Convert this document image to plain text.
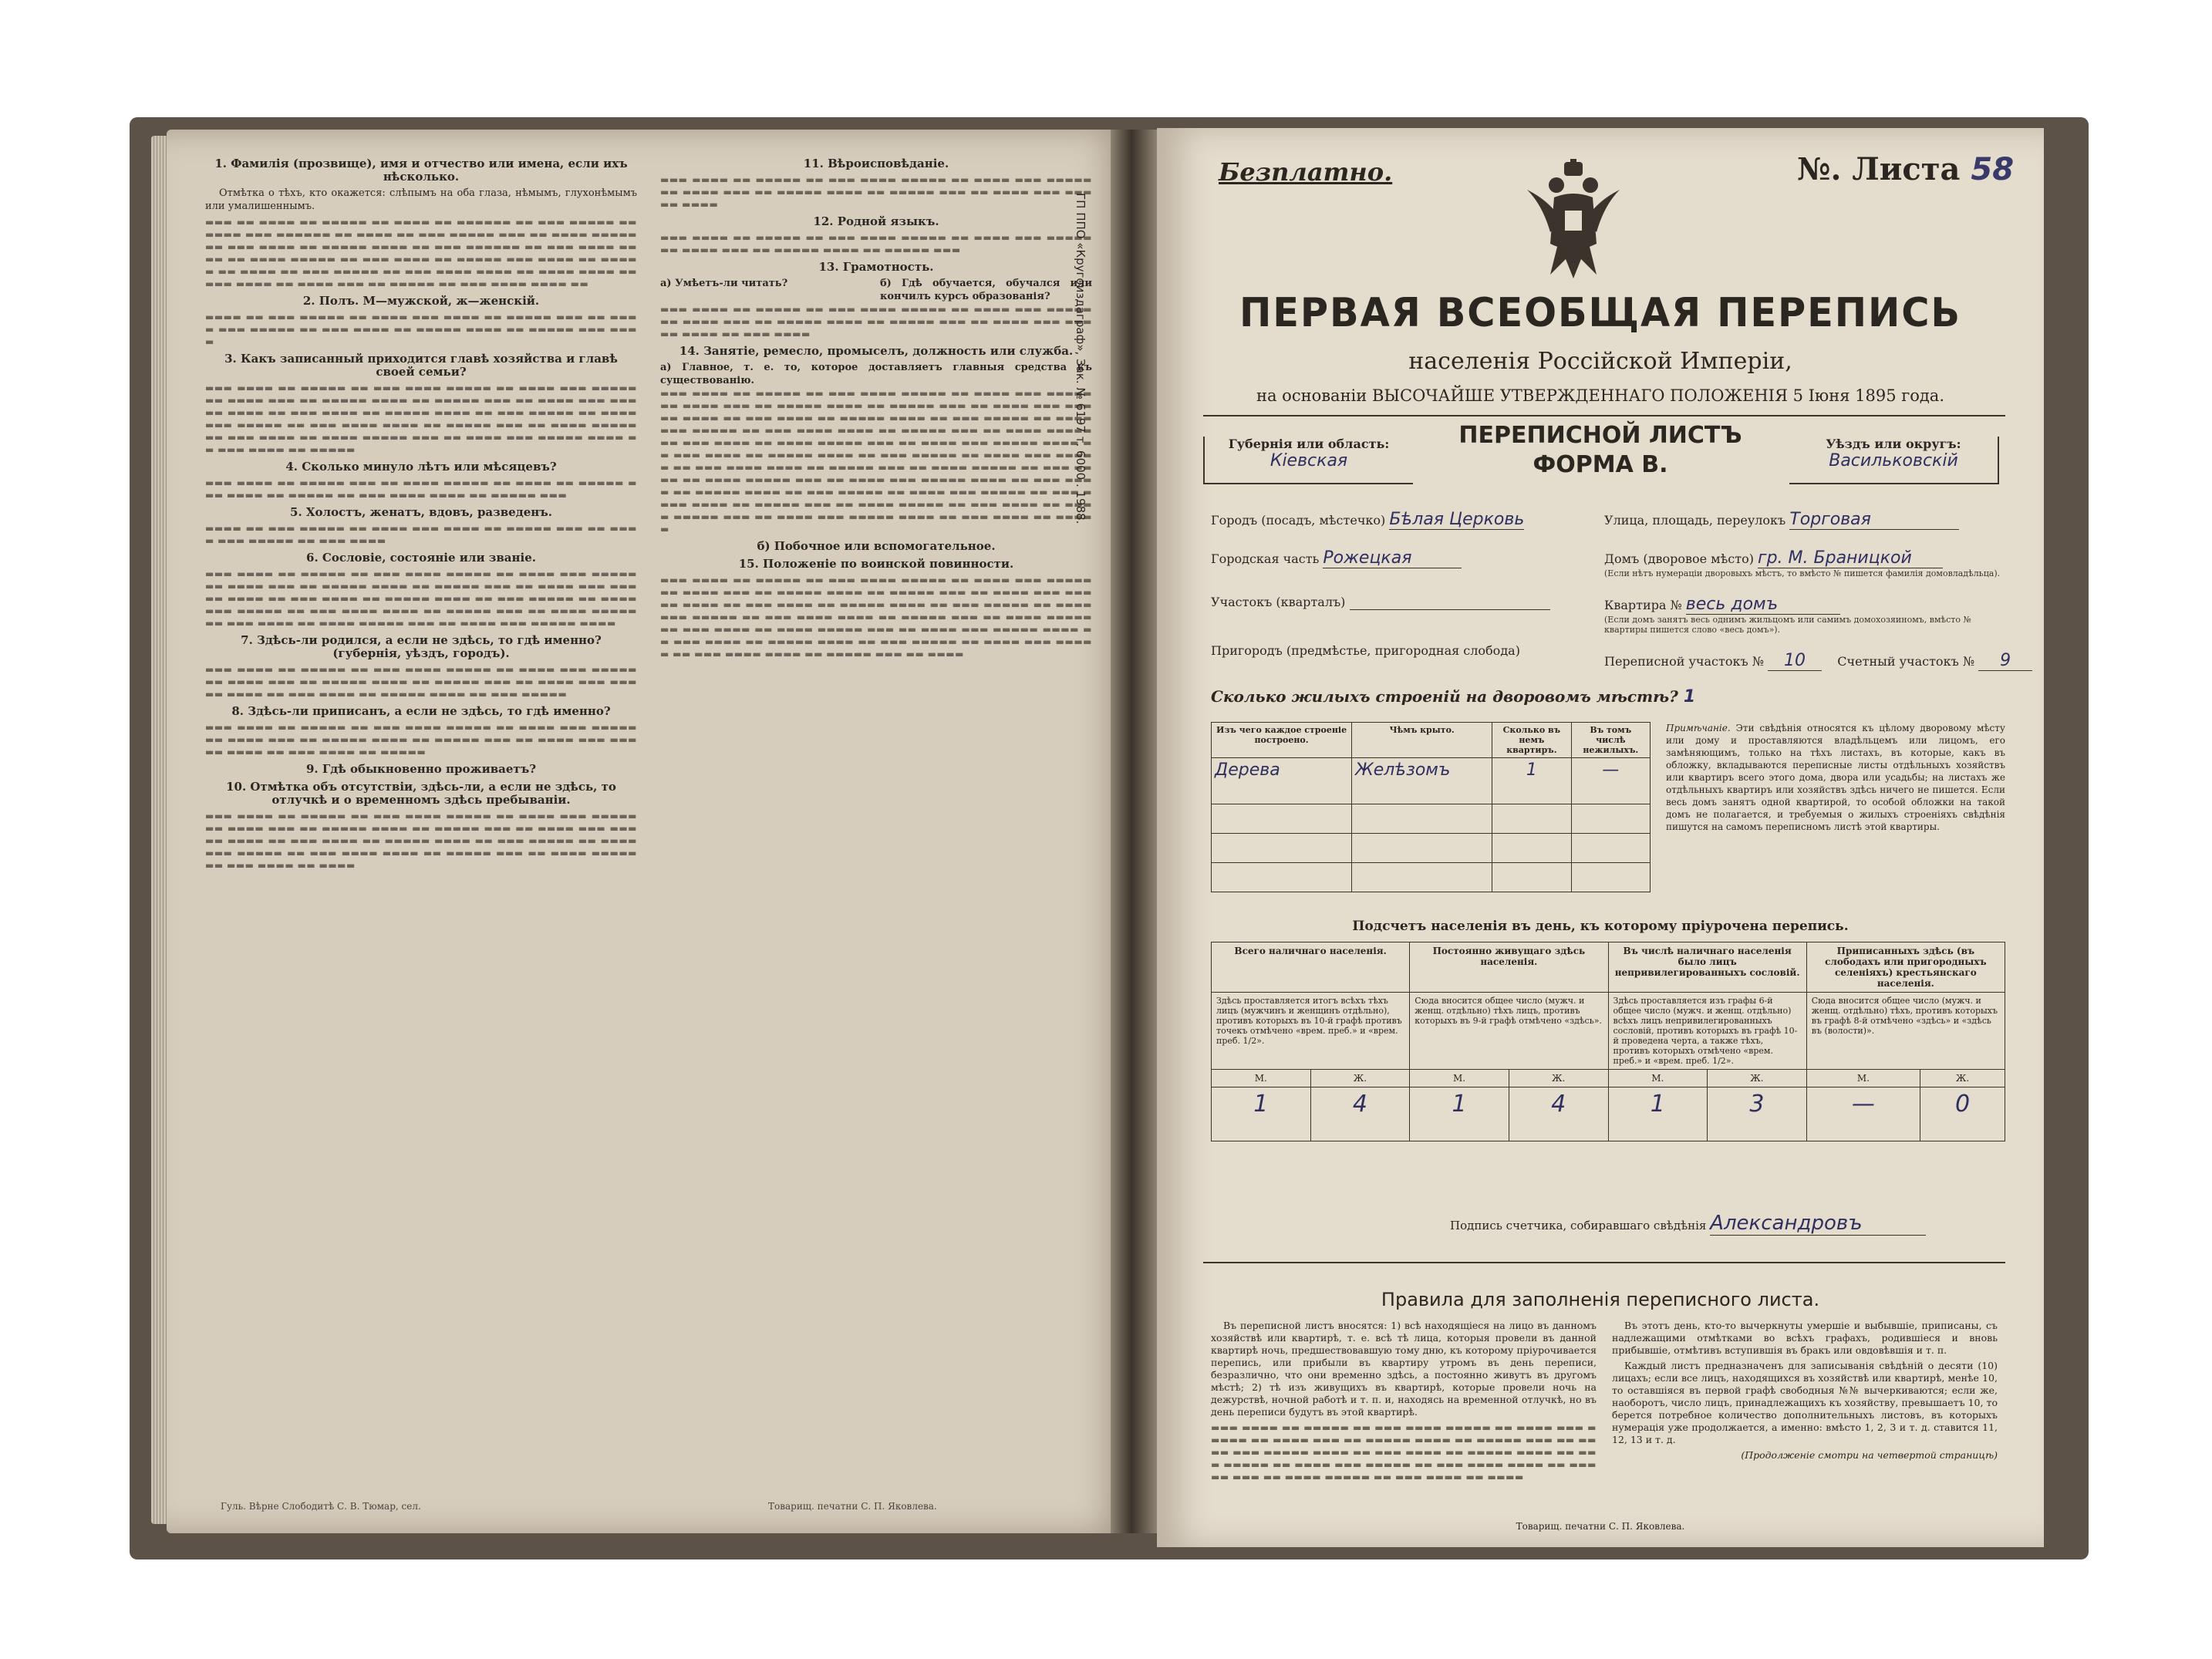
1. Фамилія (прозвище), имя и отчество или имена, если ихъ нѣсколько.

Отмѣтка о тѣхъ, кто окажется: слѣпымъ на оба глаза, нѣмымъ, глухонѣмымъ или умалишеннымъ.

▬▬▬ ▬▬ ▬▬▬▬ ▬▬ ▬▬▬▬▬ ▬▬ ▬▬▬▬ ▬▬ ▬▬▬▬▬▬ ▬▬ ▬▬▬ ▬▬▬▬▬ ▬▬ ▬▬▬▬ ▬▬▬ ▬▬▬▬▬▬ ▬▬ ▬▬▬▬ ▬▬ ▬▬▬ ▬▬▬▬▬ ▬▬▬ ▬▬ ▬▬▬▬ ▬▬▬▬▬ ▬▬ ▬▬▬ ▬▬▬▬ ▬▬ ▬▬▬▬▬ ▬▬▬▬ ▬▬ ▬▬▬ ▬▬▬▬▬▬ ▬▬ ▬▬▬ ▬▬▬▬ ▬▬▬▬ ▬▬ ▬▬▬▬ ▬▬▬▬▬ ▬▬ ▬▬▬ ▬▬▬▬ ▬▬ ▬▬▬▬▬ ▬▬▬ ▬▬▬▬ ▬▬ ▬▬▬▬▬ ▬▬ ▬▬▬▬ ▬▬ ▬▬▬ ▬▬▬▬▬ ▬▬ ▬▬▬ ▬▬▬▬ ▬▬▬▬ ▬▬ ▬▬▬▬ ▬▬▬▬ ▬▬ ▬▬▬ ▬▬▬▬ ▬▬ ▬▬▬▬ ▬▬▬ ▬▬ ▬▬▬▬▬ ▬▬ ▬▬▬ ▬▬▬▬ ▬▬▬▬ ▬▬
2. Полъ. М—мужской, ж—женскій.
▬▬▬▬ ▬▬ ▬▬▬ ▬▬▬▬▬ ▬▬ ▬▬▬▬ ▬▬▬ ▬▬▬▬ ▬▬ ▬▬▬▬▬ ▬▬▬ ▬▬ ▬▬▬▬ ▬▬▬ ▬▬▬▬▬ ▬▬ ▬▬▬ ▬▬▬▬ ▬▬ ▬▬▬▬▬ ▬▬▬▬ ▬▬ ▬▬▬▬▬ ▬▬▬ ▬▬▬▬
3. Какъ записанный приходится главѣ хозяйства и главѣ своей семьи?
▬▬▬ ▬▬▬▬ ▬▬ ▬▬▬▬▬ ▬▬ ▬▬▬ ▬▬▬▬ ▬▬▬▬▬ ▬▬ ▬▬▬▬ ▬▬▬ ▬▬▬▬▬ ▬▬ ▬▬▬▬ ▬▬▬ ▬▬ ▬▬▬▬▬ ▬▬▬▬ ▬▬ ▬▬▬▬▬ ▬▬▬ ▬▬ ▬▬▬▬ ▬▬▬ ▬▬▬▬▬ ▬▬▬▬ ▬▬ ▬▬▬ ▬▬▬▬ ▬▬ ▬▬▬▬▬ ▬▬▬▬ ▬▬ ▬▬▬ ▬▬▬▬▬ ▬▬ ▬▬▬▬ ▬▬▬ ▬▬▬▬▬ ▬▬ ▬▬▬ ▬▬▬▬ ▬▬▬▬ ▬▬ ▬▬▬▬▬ ▬▬▬ ▬▬ ▬▬▬▬ ▬▬▬▬▬ ▬▬ ▬▬▬ ▬▬▬▬ ▬▬ ▬▬▬▬ ▬▬▬▬▬ ▬▬▬ ▬▬ ▬▬▬▬ ▬▬▬ ▬▬▬▬▬ ▬▬▬▬ ▬▬ ▬▬▬ ▬▬▬▬ ▬▬ ▬▬▬▬▬
4. Сколько минуло лѣтъ или мѣсяцевъ?
▬▬▬ ▬▬▬▬ ▬▬ ▬▬▬▬▬ ▬▬▬ ▬▬ ▬▬▬▬ ▬▬▬▬▬ ▬▬ ▬▬▬▬ ▬▬ ▬▬▬▬▬ ▬▬▬ ▬▬▬▬ ▬▬ ▬▬▬▬▬ ▬▬ ▬▬▬ ▬▬▬▬ ▬▬▬▬ ▬▬ ▬▬▬▬▬ ▬▬▬
5. Холостъ, женатъ, вдовъ, разведенъ.
▬▬▬▬ ▬▬ ▬▬▬ ▬▬▬▬▬ ▬▬ ▬▬▬▬ ▬▬▬ ▬▬▬▬ ▬▬ ▬▬▬▬▬ ▬▬▬ ▬▬ ▬▬▬▬ ▬▬▬ ▬▬▬▬▬ ▬▬ ▬▬▬ ▬▬▬▬
6. Сословіе, состояніе или званіе.
▬▬▬ ▬▬▬▬ ▬▬ ▬▬▬▬▬ ▬▬ ▬▬▬ ▬▬▬▬ ▬▬▬▬▬ ▬▬ ▬▬▬▬ ▬▬▬ ▬▬▬▬▬ ▬▬ ▬▬▬▬ ▬▬▬ ▬▬ ▬▬▬▬▬ ▬▬▬▬ ▬▬ ▬▬▬▬▬ ▬▬▬ ▬▬ ▬▬▬▬ ▬▬▬ ▬▬▬▬▬ ▬▬▬▬ ▬▬ ▬▬▬ ▬▬▬▬ ▬▬ ▬▬▬▬▬ ▬▬▬▬ ▬▬ ▬▬▬ ▬▬▬▬▬ ▬▬ ▬▬▬▬ ▬▬▬ ▬▬▬▬▬ ▬▬ ▬▬▬ ▬▬▬▬ ▬▬▬▬ ▬▬ ▬▬▬▬▬ ▬▬▬ ▬▬ ▬▬▬▬ ▬▬▬▬▬ ▬▬ ▬▬▬ ▬▬▬▬ ▬▬ ▬▬▬▬ ▬▬▬▬▬ ▬▬▬ ▬▬ ▬▬▬▬ ▬▬▬ ▬▬▬▬▬ ▬▬▬▬
7. Здѣсь-ли родился, а если не здѣсь, то гдѣ именно? (губернія, уѣздъ, городъ).
▬▬▬ ▬▬▬▬ ▬▬ ▬▬▬▬▬ ▬▬ ▬▬▬ ▬▬▬▬ ▬▬▬▬▬ ▬▬ ▬▬▬▬ ▬▬▬ ▬▬▬▬▬ ▬▬ ▬▬▬▬ ▬▬▬ ▬▬ ▬▬▬▬▬ ▬▬▬▬ ▬▬ ▬▬▬▬▬ ▬▬▬ ▬▬ ▬▬▬▬ ▬▬▬ ▬▬▬▬▬ ▬▬▬▬ ▬▬ ▬▬▬ ▬▬▬▬ ▬▬ ▬▬▬▬▬ ▬▬▬▬ ▬▬ ▬▬▬ ▬▬▬▬▬
8. Здѣсь-ли приписанъ, а если не здѣсь, то гдѣ именно?
▬▬▬ ▬▬▬▬ ▬▬ ▬▬▬▬▬ ▬▬ ▬▬▬ ▬▬▬▬ ▬▬▬▬▬ ▬▬ ▬▬▬▬ ▬▬▬ ▬▬▬▬▬ ▬▬ ▬▬▬▬ ▬▬▬ ▬▬ ▬▬▬▬▬ ▬▬▬▬ ▬▬ ▬▬▬▬▬ ▬▬▬ ▬▬ ▬▬▬▬ ▬▬▬ ▬▬▬▬▬ ▬▬▬▬ ▬▬ ▬▬▬ ▬▬▬▬ ▬▬ ▬▬▬▬▬
9. Гдѣ обыкновенно проживаетъ?
10. Отмѣтка объ отсутствіи, здѣсь-ли, а если не здѣсь, то отлучкѣ и о временномъ здѣсь пребываніи.
▬▬▬ ▬▬▬▬ ▬▬ ▬▬▬▬▬ ▬▬ ▬▬▬ ▬▬▬▬ ▬▬▬▬▬ ▬▬ ▬▬▬▬ ▬▬▬ ▬▬▬▬▬ ▬▬ ▬▬▬▬ ▬▬▬ ▬▬ ▬▬▬▬▬ ▬▬▬▬ ▬▬ ▬▬▬▬▬ ▬▬▬ ▬▬ ▬▬▬▬ ▬▬▬ ▬▬▬▬▬ ▬▬▬▬ ▬▬ ▬▬▬ ▬▬▬▬ ▬▬ ▬▬▬▬▬ ▬▬▬▬ ▬▬ ▬▬▬ ▬▬▬▬▬ ▬▬ ▬▬▬▬ ▬▬▬ ▬▬▬▬▬ ▬▬ ▬▬▬ ▬▬▬▬ ▬▬▬▬ ▬▬ ▬▬▬▬▬ ▬▬▬ ▬▬ ▬▬▬▬ ▬▬▬▬▬ ▬▬ ▬▬▬ ▬▬▬▬ ▬▬ ▬▬▬▬
Гуль. Вѣрне Слободитѣ С. В. Тюмар, сел.
11. Вѣроисповѣданіе.
▬▬▬ ▬▬▬▬ ▬▬ ▬▬▬▬▬ ▬▬ ▬▬▬ ▬▬▬▬ ▬▬▬▬▬ ▬▬ ▬▬▬▬ ▬▬▬ ▬▬▬▬▬ ▬▬ ▬▬▬▬ ▬▬▬ ▬▬ ▬▬▬▬▬ ▬▬▬▬ ▬▬ ▬▬▬▬▬ ▬▬▬ ▬▬ ▬▬▬▬ ▬▬▬ ▬▬▬▬▬ ▬▬▬▬
12. Родной языкъ.
▬▬▬ ▬▬▬▬ ▬▬ ▬▬▬▬▬ ▬▬ ▬▬▬ ▬▬▬▬ ▬▬▬▬▬ ▬▬ ▬▬▬▬ ▬▬▬ ▬▬▬▬▬ ▬▬ ▬▬▬▬ ▬▬▬ ▬▬ ▬▬▬▬▬ ▬▬▬▬ ▬▬ ▬▬▬▬▬ ▬▬▬
13. Грамотность.
а) Умѣетъ-ли читать?	б) Гдѣ обучается, обучался или кончилъ курсъ образованія?
▬▬▬ ▬▬▬▬ ▬▬ ▬▬▬▬▬ ▬▬ ▬▬▬ ▬▬▬▬ ▬▬▬▬▬ ▬▬ ▬▬▬▬ ▬▬▬ ▬▬▬▬▬ ▬▬ ▬▬▬▬ ▬▬▬ ▬▬ ▬▬▬▬▬ ▬▬▬▬ ▬▬ ▬▬▬▬▬ ▬▬▬ ▬▬ ▬▬▬▬ ▬▬▬ ▬▬▬▬▬ ▬▬▬▬ ▬▬ ▬▬▬ ▬▬▬▬
14. Занятіе, ремесло, промыселъ, должность или служба.
а) Главное, т. е. то, которое доставляетъ главныя средства къ существованію.
▬▬▬ ▬▬▬▬ ▬▬ ▬▬▬▬▬ ▬▬ ▬▬▬ ▬▬▬▬ ▬▬▬▬▬ ▬▬ ▬▬▬▬ ▬▬▬ ▬▬▬▬▬ ▬▬ ▬▬▬▬ ▬▬▬ ▬▬ ▬▬▬▬▬ ▬▬▬▬ ▬▬ ▬▬▬▬▬ ▬▬▬ ▬▬ ▬▬▬▬ ▬▬▬ ▬▬▬▬▬ ▬▬▬▬ ▬▬ ▬▬▬ ▬▬▬▬ ▬▬ ▬▬▬▬▬ ▬▬▬▬ ▬▬ ▬▬▬ ▬▬▬▬▬ ▬▬ ▬▬▬▬ ▬▬▬ ▬▬▬▬▬ ▬▬ ▬▬▬ ▬▬▬▬ ▬▬▬▬ ▬▬ ▬▬▬▬▬ ▬▬▬ ▬▬ ▬▬▬▬ ▬▬▬▬▬ ▬▬ ▬▬▬ ▬▬▬▬ ▬▬ ▬▬▬▬ ▬▬▬▬▬ ▬▬▬ ▬▬ ▬▬▬▬ ▬▬▬ ▬▬▬▬▬ ▬▬▬▬ ▬▬ ▬▬▬ ▬▬▬▬ ▬▬ ▬▬▬▬▬ ▬▬▬▬ ▬▬ ▬▬▬ ▬▬▬▬▬ ▬▬ ▬▬▬▬ ▬▬▬ ▬▬▬▬▬ ▬▬ ▬▬▬ ▬▬▬▬ ▬▬▬▬ ▬▬ ▬▬▬▬▬ ▬▬▬ ▬▬ ▬▬▬▬ ▬▬▬▬▬ ▬▬ ▬▬▬ ▬▬▬▬ ▬▬ ▬▬▬▬ ▬▬▬▬▬ ▬▬▬ ▬▬ ▬▬▬▬ ▬▬▬ ▬▬▬▬▬ ▬▬▬▬ ▬▬ ▬▬▬ ▬▬▬▬ ▬▬ ▬▬▬▬▬ ▬▬▬▬ ▬▬ ▬▬▬ ▬▬▬▬▬ ▬▬ ▬▬▬▬ ▬▬▬ ▬▬▬▬▬ ▬▬ ▬▬▬ ▬▬▬▬ ▬▬▬▬ ▬▬ ▬▬▬▬▬ ▬▬▬ ▬▬ ▬▬▬▬ ▬▬▬▬▬ ▬▬ ▬▬▬ ▬▬▬▬ ▬▬ ▬▬▬▬ ▬▬▬▬▬ ▬▬▬ ▬▬ ▬▬▬▬ ▬▬▬ ▬▬▬▬▬ ▬▬▬▬ ▬▬ ▬▬▬ ▬▬▬▬ ▬▬ ▬▬▬▬▬
б) Побочное или вспомогательное.
15. Положеніе по воинской повинности.
▬▬▬ ▬▬▬▬ ▬▬ ▬▬▬▬▬ ▬▬ ▬▬▬ ▬▬▬▬ ▬▬▬▬▬ ▬▬ ▬▬▬▬ ▬▬▬ ▬▬▬▬▬ ▬▬ ▬▬▬▬ ▬▬▬ ▬▬ ▬▬▬▬▬ ▬▬▬▬ ▬▬ ▬▬▬▬▬ ▬▬▬ ▬▬ ▬▬▬▬ ▬▬▬ ▬▬▬▬▬ ▬▬▬▬ ▬▬ ▬▬▬ ▬▬▬▬ ▬▬ ▬▬▬▬▬ ▬▬▬▬ ▬▬ ▬▬▬ ▬▬▬▬▬ ▬▬ ▬▬▬▬ ▬▬▬ ▬▬▬▬▬ ▬▬ ▬▬▬ ▬▬▬▬ ▬▬▬▬ ▬▬ ▬▬▬▬▬ ▬▬▬ ▬▬ ▬▬▬▬ ▬▬▬▬▬ ▬▬ ▬▬▬ ▬▬▬▬ ▬▬ ▬▬▬▬ ▬▬▬▬▬ ▬▬▬ ▬▬ ▬▬▬▬ ▬▬▬ ▬▬▬▬▬ ▬▬▬▬ ▬▬ ▬▬▬ ▬▬▬▬ ▬▬ ▬▬▬▬▬ ▬▬▬▬ ▬▬ ▬▬▬ ▬▬▬▬▬ ▬▬ ▬▬▬▬ ▬▬▬ ▬▬▬▬▬ ▬▬ ▬▬▬ ▬▬▬▬ ▬▬▬▬ ▬▬ ▬▬▬▬▬ ▬▬▬ ▬▬ ▬▬▬▬
Товарищ. печатни С. П. Яковлева.
ГП ППО «Кругоиздаграф», Зак. № 6197 т. 6000 . 1988.
Безплатно.	№. Листа 58
ПЕРВАЯ ВСЕОБЩАЯ ПЕРЕПИСЬ
населенія Россійской Имперіи,
на основаніи ВЫСОЧАЙШЕ УТВЕРЖДЕННАГО ПОЛОЖЕНІЯ 5 Іюня 1895 года.
ПЕРЕПИСНОЙ ЛИСТЪ
ФОРМА В.
Губернія или область:
Кіевская
Уѣздъ или округъ:
Васильковскій
Городъ (посадъ, мѣстечко) Бѣлая Церковь	Улица, площадь, переулокъ Торговая
Городская часть Рожецкая	Домъ (дворовое мѣсто) гр. М. Браницкой
(Если нѣтъ нумераціи дворовыхъ мѣстъ, то вмѣсто № пишется фамилія домовладѣльца).
Участокъ (кварталъ)	Квартира № весь домъ
(Если домъ занятъ весь однимъ жильцомъ или самимъ домохозяиномъ, вмѣсто № квартиры пишется слово «весь домъ»).
Пригородъ (предмѣстье, пригородная слобода)
Переписной участокъ № 10	Счетный участокъ № 9
Сколько жилыхъ строеній на дворовомъ мѣстѣ? 1
Изъ чего каждое строеніе построено.	Чѣмъ крыто.	Сколько въ немъ квартиръ.	Въ томъ числѣ нежилыхъ.
Дерева	Желѣзомъ	1	—

Примѣчаніе. Эти свѣдѣнія относятся къ цѣлому дворовому мѣсту или дому и проставляются владѣльцемъ или лицомъ, его замѣняющимъ, только на тѣхъ листахъ, въ которые, какъ въ обложку, вкладываются переписные листы отдѣльныхъ хозяйствъ или квартиръ всего этого дома, двора или усадьбы; на листахъ же отдѣльныхъ квартиръ или хозяйствъ здѣсь ничего не пишется. Если весь домъ занятъ одной квартирой, то особой обложки на такой домъ не полагается, и требуемыя о жилыхъ строеніяхъ свѣдѣнія пишутся на самомъ переписномъ листѣ этой квартиры.
Подсчетъ населенія въ день, къ которому пріурочена перепись.
Всего наличнаго населенія.		Постоянно живущаго здѣсь населенія.		Въ числѣ наличнаго населенія было лицъ непривилегированныхъ сословій.		Приписанныхъ здѣсь (въ слободахъ или пригородныхъ селеніяхъ) крестьянскаго населенія.	
Здѣсь проставляется итогъ всѣхъ тѣхъ лицъ (мужчинъ и женщинъ отдѣльно), противъ которыхъ въ 10-й графѣ противъ точекъ отмѣчено «врем. преб.» и «врем. преб. 1/2».		Сюда вносится общее число (мужч. и женщ. отдѣльно) тѣхъ лицъ, противъ которыхъ въ 9-й графѣ отмѣчено «здѣсь».		Здѣсь проставляется изъ графы 6-й общее число (мужч. и женщ. отдѣльно) всѣхъ лицъ непривилегированныхъ сословій, противъ которыхъ въ графѣ 10-й проведена черта, а также тѣхъ, противъ которыхъ отмѣчено «врем. преб.» и «врем. преб. 1/2».		Сюда вносится общее число (мужч. и женщ. отдѣльно) тѣхъ, противъ которыхъ въ графѣ 8-й отмѣчено «здѣсь» и «здѣсь въ (волости)».	
М.	Ж.	М.	Ж.	М.	Ж.	М.	Ж.
1	4	1	4	1	3	—	0
Подпись счетчика, собиравшаго свѣдѣнія Александровъ
Правила для заполненія переписного листа.

Въ переписной листъ вносятся: 1) всѣ находящіеся на лицо въ данномъ хозяйствѣ или квартирѣ, т. е. всѣ тѣ лица, которыя провели въ данной квартирѣ ночь, предшествовавшую тому дню, къ которому пріурочивается перепись, или прибыли въ квартиру утромъ въ день переписи, безразлично, что они временно здѣсь, а постоянно живутъ въ другомъ мѣстѣ; 2) тѣ изъ живущихъ въ квартирѣ, которые провели ночь на дежурствѣ, ночной работѣ и т. п. и, находясь на временной отлучкѣ, но въ день переписи будутъ въ этой квартирѣ.

▬▬▬ ▬▬▬▬ ▬▬ ▬▬▬▬▬ ▬▬ ▬▬▬ ▬▬▬▬ ▬▬▬▬▬ ▬▬ ▬▬▬▬ ▬▬▬ ▬▬▬▬▬ ▬▬ ▬▬▬▬ ▬▬▬ ▬▬ ▬▬▬▬▬ ▬▬▬▬ ▬▬ ▬▬▬▬▬ ▬▬▬ ▬▬ ▬▬▬▬ ▬▬▬ ▬▬▬▬▬ ▬▬▬▬ ▬▬ ▬▬▬ ▬▬▬▬ ▬▬ ▬▬▬▬▬ ▬▬▬▬ ▬▬ ▬▬▬ ▬▬▬▬▬ ▬▬ ▬▬▬▬ ▬▬▬ ▬▬▬▬▬ ▬▬ ▬▬▬ ▬▬▬▬ ▬▬▬▬ ▬▬ ▬▬▬▬▬ ▬▬▬ ▬▬ ▬▬▬▬ ▬▬▬▬▬ ▬▬ ▬▬▬ ▬▬▬▬ ▬▬ ▬▬▬▬

Въ этотъ день, кто-то вычеркнуты умершіе и выбывшіе, приписаны, съ надлежащими отмѣтками во всѣхъ графахъ, родившіеся и вновь прибывшіе, отмѣтивъ вступившія въ бракъ или овдовѣвшія и т. п.

Каждый листъ предназначенъ для записыванія свѣдѣній о десяти (10) лицахъ; если все лицъ, находящихся въ хозяйствѣ или квартирѣ, менѣе 10, то оставшіяся въ первой графѣ свободныя №№ вычеркиваются; если же, наоборотъ, число лицъ, принадлежащихъ къ хозяйству, превышаетъ 10, то берется потребное количество дополнительныхъ листовъ, въ которыхъ нумерація уже продолжается, а именно: вмѣсто 1, 2, 3 и т. д. ставится 11, 12, 13 и т. д.

(Продолженіе смотри на четвертой страницѣ)
Товарищ. печатни С. П. Яковлева.
